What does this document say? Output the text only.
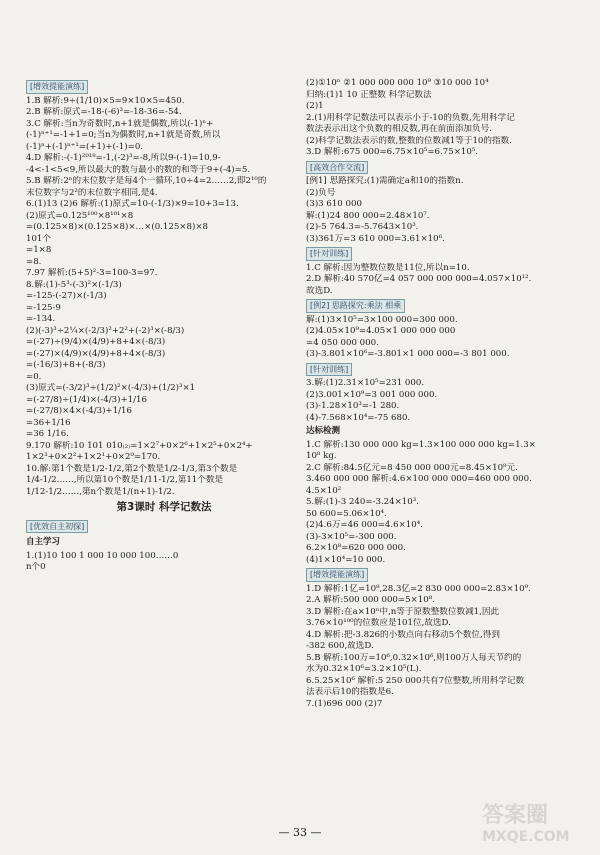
[增效提能演练]
1.B 解析:9÷(1/10)×5=9×10×5=450.
2.B 解析:原式=-18-(-6)³=-18-36=-54.
3.C 解析:当n为奇数时,n+1就是偶数,所以(-1)ⁿ+
(-1)ⁿ⁺¹=-1+1=0;当n为偶数时,n+1就是奇数,所以
(-1)ⁿ+(-1)ⁿ⁺¹=(+1)+(-1)=0.
4.D 解析:-(-1)²⁰¹⁸=-1,(-2)³=-8,所以9-(-1)=10,9-
-4<-1<5<9,所以最大的数与最小的数的和等于9+(-4)=5.
5.B 解析:2ⁿ的末位数字是每4个一循环,10÷4=2……2,即2¹⁰的
末位数字与2²的末位数字相同,是4.
6.(1)13 (2)6 解析:(1)原式=10-(-1/3)×9=10+3=13.
(2)原式=0.125¹⁰⁰×8¹⁰¹×8
=(0.125×8)×(0.125×8)×…×(0.125×8)×8
101个
=1×8
=8.
7.97 解析:(5+5)²-3=100-3=97.
8.解:(1)-5³-(-3)²×(-1/3)
=-125-(-27)×(-1/3)
=-125-9
=-134.
(2)(-3)³÷2¼×(-2/3)²+2²+(-2)³×(-8/3)
=(-27)÷(9/4)×(4/9)+8+4×(-8/3)
=(-27)×(4/9)×(4/9)+8+4×(-8/3)
=(-16/3)+8+(-8/3)
=0.
(3)原式=(-3/2)³÷(1/2)²×(-4/3)+(1/2)³×1
=(-27/8)÷(1/4)×(-4/3)+1/16
=(-27/8)×4×(-4/3)+1/16
=36+1/16
=36 1/16.
9.170 解析:10 101 010₍₂₎=1×2⁷+0×2⁶+1×2⁵+0×2⁴+
1×2³+0×2²+1×2¹+0×2⁰=170.
10.解:第1个数是1/2-1/2,第2个数是1/2-1/3,第3个数是
1/4-1/2……,所以第10个数是1/11-1/2,第11个数是
1/12-1/2……,第n个数是1/(n+1)-1/2.
第3课时 科学记数法
[优效自主初探]
自主学习
1.(1)10 100 1 000 10 000 100……0
n个0
(2)①10ⁿ ②1 000 000 000 10⁹ ③10 000 10⁴
归纳:(1)1 10 正整数 科学记数法
(2)1
2.(1)用科学记数法可以表示小于-10的负数,先用科学记
数法表示出这个负数的相反数,再在前面添加负号.
(2)科学记数法表示的数,整数的位数减1等于10的指数.
3.D 解析:675 000=6.75×10⁵=6.75×10⁵.
[高效合作交流]
[例1] 思路探究:(1)需确定a和10的指数n.
(2)负号
(3)3 610 000
解:(1)24 800 000=2.48×10⁷.
(2)-5 764.3=-5.7643×10³.
(3)361万=3 610 000=3.61×10⁶.
[针对训练]
1.C 解析:因为整数位数是11位,所以n=10.
2.D 解析:40 570亿=4 057 000 000 000=4.057×10¹².
故选D.
[例2] 思路探究:乘法 相乘
解:(1)3×10⁵=3×100 000=300 000.
(2)4.05×10⁹=4.05×1 000 000 000
=4 050 000 000.
(3)-3.801×10⁶=-3.801×1 000 000=-3 801 000.
[针对训练]
3.解:(1)2.31×10⁵=231 000.
(2)3.001×10⁹=3 001 000 000.
(3)-1.28×10³=-1 280.
(4)-7.568×10⁴=-75 680.
达标检测
1.C 解析:130 000 000 kg=1.3×100 000 000 kg=1.3×
10⁸ kg.
2.C 解析:84.5亿元=8 450 000 000元=8.45×10⁹元.
3.460 000 000 解析:4.6×100 000 000=460 000 000.
4.5×10²
5.解:(1)-3 240=-3.24×10³.
50 600=5.06×10⁴.
(2)4.6万=46 000=4.6×10⁴.
(3)-3×10⁵=-300 000.
6.2×10⁸=620 000 000.
(4)1×10⁴=10 000.
[增效提能演练]
1.D 解析:1亿=10⁸,28.3亿=2 830 000 000=2.83×10⁹.
2.A 解析:500 000 000=5×10⁸.
3.D 解析:在a×10ⁿ中,n等于原数整数位数减1,因此
3.76×10¹⁰⁰的位数应是101位,故选D.
4.D 解析:把-3.826的小数点向右移动5个数位,得到
-382 600,故选D.
5.B 解析:100万=10⁶,0.32×10⁶,则100万人每天节约的
水为0.32×10⁶=3.2×10⁵(L).
6.5.25×10⁶ 解析:5 250 000共有7位整数,所用科学记数
法表示后10的指数是6.
7.(1)696 000 (2)7
— 33 —
答案圈
MXQE.COM
